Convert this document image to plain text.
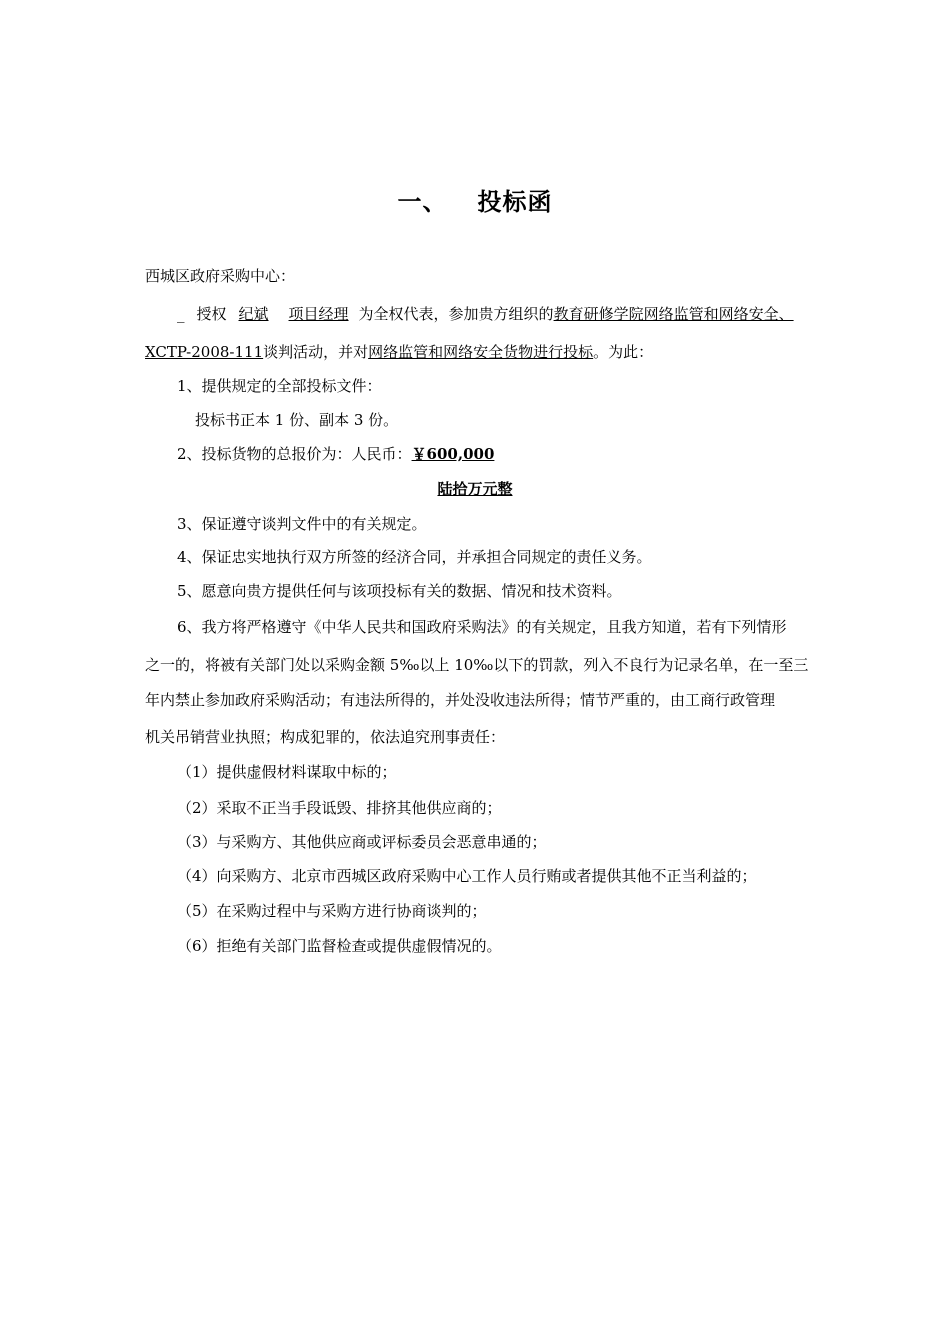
一、 投标函
西城区政府采购中心：
_ 授权 纪斌 项目经理 为全权代表，参加贵方组织的教育研修学院网络监管和网络安全、
XCTP-2008-111谈判活动，并对网络监管和网络安全货物进行投标。为此：
1、提供规定的全部投标文件：
投标书正本 1 份、副本 3 份。
2、投标货物的总报价为：人民币：￥600,000
陆拾万元整
3、保证遵守谈判文件中的有关规定。
4、保证忠实地执行双方所签的经济合同，并承担合同规定的责任义务。
5、愿意向贵方提供任何与该项投标有关的数据、情况和技术资料。
6、我方将严格遵守《中华人民共和国政府采购法》的有关规定，且我方知道，若有下列情形
之一的，将被有关部门处以采购金额 5‰以上 10‰以下的罚款，列入不良行为记录名单，在一至三
年内禁止参加政府采购活动；有违法所得的，并处没收违法所得；情节严重的，由工商行政管理
机关吊销营业执照；构成犯罪的，依法追究刑事责任：
（1）提供虚假材料谋取中标的；
（2）采取不正当手段诋毁、排挤其他供应商的；
（3）与采购方、其他供应商或评标委员会恶意串通的；
（4）向采购方、北京市西城区政府采购中心工作人员行贿或者提供其他不正当利益的；
（5）在采购过程中与采购方进行协商谈判的；
（6）拒绝有关部门监督检查或提供虚假情况的。
